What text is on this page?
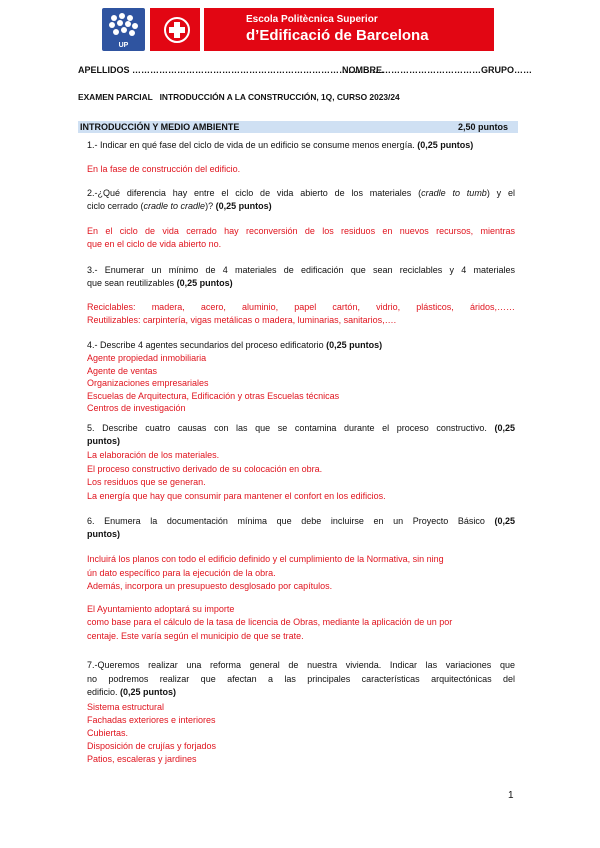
UP
Escola Politècnica Superior
d’Edificació de Barcelona
APELLIDOS …………………………………………………………………………
NOMBRE……………………………GRUPO……
EXAMEN PARCIAL   INTRODUCCIÓN A LA CONSTRUCCIÓN, 1Q, CURSO 2023/24
INTRODUCCIÓN Y MEDIO AMBIENTE	2,50 puntos
1.- Indicar en qué fase del ciclo de vida de un edificio se consume menos energía. (0,25 puntos)
En la fase de construcción del edificio.
2.-¿Qué diferencia hay entre el ciclo de vida abierto de los materiales (cradle to tumb) y el
ciclo cerrado (cradle to cradle)? (0,25 puntos)
En el ciclo de vida cerrado hay reconversión de los residuos en nuevos recursos, mientras
que en el ciclo de vida abierto no.
3.- Enumerar un mínimo de 4 materiales de edificación que sean reciclables y 4 materiales
que sean reutilizables (0,25 puntos)
Reciclables: madera, acero, aluminio, papel cartón, vidrio, plásticos, áridos,……
Reutilizables: carpintería, vigas metálicas o madera, luminarias, sanitarios,….
4.- Describe 4 agentes secundarios del proceso edificatorio (0,25 puntos)
Agente propiedad inmobiliaria
Agente de ventas
Organizaciones empresariales
Escuelas de Arquitectura, Edificación y otras Escuelas técnicas
Centros de investigación
5. Describe cuatro causas con las que se contamina durante el proceso constructivo. (0,25
puntos)
La elaboración de los materiales.
El proceso constructivo derivado de su colocación en obra.
Los residuos que se generan.
La energía que hay que consumir para mantener el confort en los edificios.
6. Enumera la documentación mínima que debe incluirse en un Proyecto Básico (0,25
puntos)
Incluirá los planos con todo el edificio definido y el cumplimiento de la Normativa, sin ning
ún dato específico para la ejecución de la obra.
Además, incorpora un presupuesto desglosado por capítulos.
El Ayuntamiento adoptará su importe
como base para el cálculo de la tasa de licencia de Obras, mediante la aplicación de un por
centaje. Este varía según el municipio de que se trate.
7.-Queremos realizar una reforma general de nuestra vivienda. Indicar las variaciones que
no podremos realizar que afectan a las principales características arquitectónicas del
edificio. (0,25 puntos)
Sistema estructural
Fachadas exteriores e interiores
Cubiertas.
Disposición de crujías y forjados
Patios, escaleras y jardines
1
